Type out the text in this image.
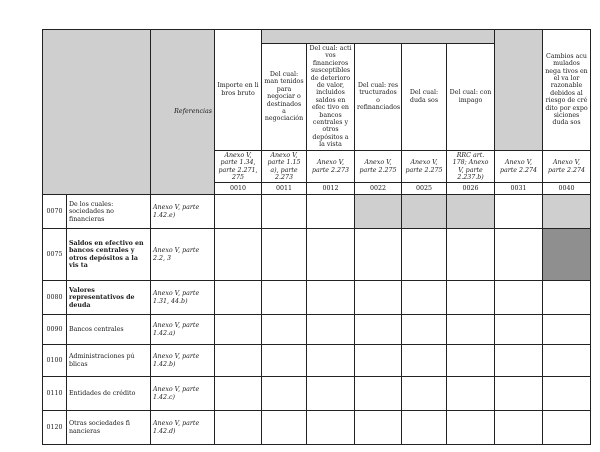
		Referencias	Importe en li bros bruto							Cambios acu mulados nega tivos en el va lor razonable debidos al riesgo de cré dito por expo siciones duda sos
				Del cual: man tenidos para negociar o destinados a negociación	Del cual: acti vos financieros susceptibles de deterioro de valor, incluidos saldos en efec tivo en bancos centrales y otros depósitos a la vista	Del cual: res tructurados o refinanciados	Del cual: duda sos	Del cual: con impago		
			Anexo V, parte 1.34, parte 2.271, 275	Anexo V, parte 1.15 a), parte 2.273	Anexo V, parte 2.273	Anexo V, parte 2.275	Anexo V, parte 2.275	RRC art. 178; Anexo V, parte 2.237.b)	Anexo V, parte 2.274	Anexo V, parte 2.274
			0010	0011	0012	0022	0025	0026	0031	0040
0070	De los cuales: sociedades no financieras	Anexo V, parte 1.42.e)								
0075	Saldos en efectivo en bancos centrales y otros depósitos a la vis ta	Anexo V, parte 2.2, 3								
0080	Valores representativos de deuda	Anexo V, parte 1.31, 44.b)								
0090	Bancos centrales	Anexo V, parte 1.42.a)								
0100	Administraciones pú blicas	Anexo V, parte 1.42.b)								
0110	Entidades de crédito	Anexo V, parte 1.42.c)								
0120	Otras sociedades fi nancieras	Anexo V, parte 1.42.d)								
